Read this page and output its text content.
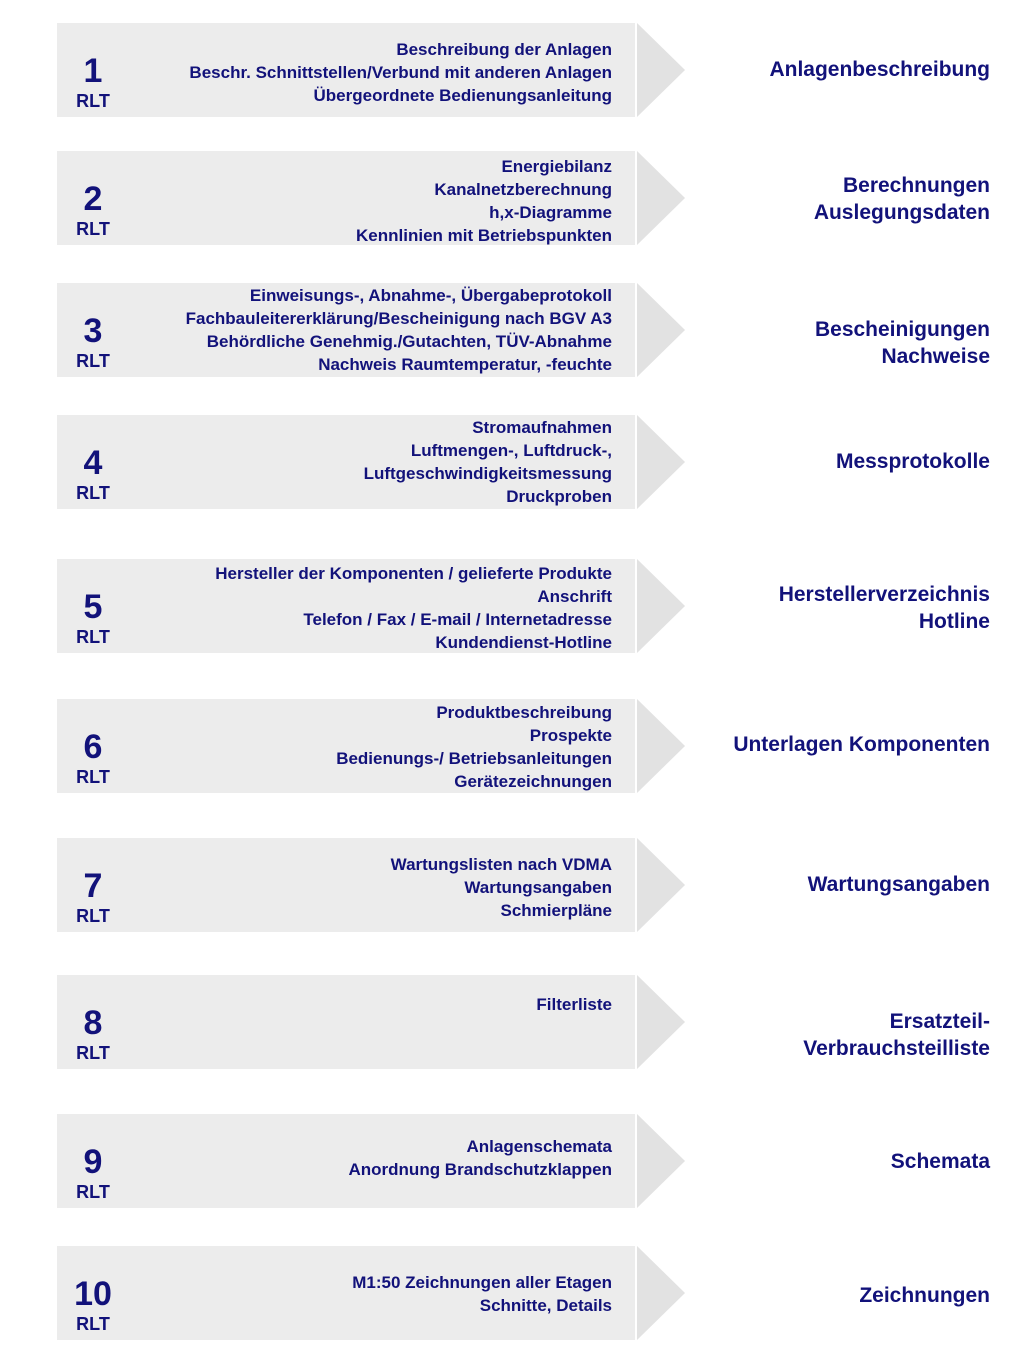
1
RLT
Beschreibung der Anlagen
Beschr. Schnittstellen/Verbund mit anderen Anlagen
Übergeordnete Bedienungsanleitung
Anlagenbeschreibung
2
RLT
Energiebilanz
Kanalnetzberechnung
h,x-Diagramme
Kennlinien mit Betriebspunkten
Berechnungen
Auslegungsdaten
3
RLT
Einweisungs-, Abnahme-, Übergabeprotokoll
Fachbauleitererklärung/Bescheinigung nach BGV A3
Behördliche Genehmig./Gutachten, TÜV-Abnahme
Nachweis Raumtemperatur, -feuchte
Bescheinigungen
Nachweise
4
RLT
Stromaufnahmen
Luftmengen-, Luftdruck-,
Luftgeschwindigkeitsmessung
Druckproben
Messprotokolle
5
RLT
Hersteller der Komponenten / gelieferte Produkte
Anschrift
Telefon / Fax / E-mail / Internetadresse
Kundendienst-Hotline
Herstellerverzeichnis
Hotline
6
RLT
Produktbeschreibung
Prospekte
Bedienungs-/ Betriebsanleitungen
Gerätezeichnungen
Unterlagen Komponenten
7
RLT
Wartungslisten nach VDMA
Wartungsangaben
Schmierpläne
Wartungsangaben
8
RLT
Filterliste
Ersatzteil-
Verbrauchsteilliste
9
RLT
Anlagenschemata
Anordnung Brandschutzklappen	Schemata
10
RLT
M1:50 Zeichnungen aller Etagen
Schnitte, Details	Zeichnungen
